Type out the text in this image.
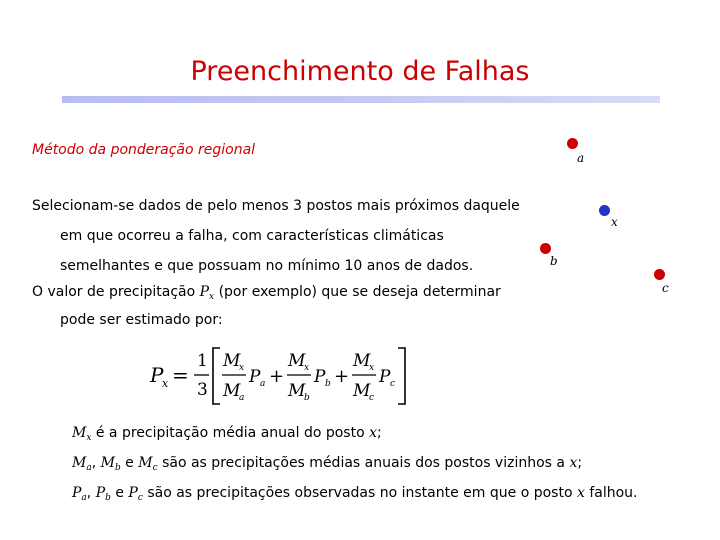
Preenchimento de Falhas
Método da ponderação regional
Selecionam-se dados de pelo menos 3 postos mais próximos daquele
em que ocorreu a falha, com características climáticas
semelhantes e que possuam no mínimo 10 anos de dados.
O valor de precipitação $P_x$ (por exemplo) que se deseja determinar
pode ser estimado por:
a
x
b
c
P
x =
1
3
M
x
M
a
P a +
M
x
M
b
P b +
M
x
M
c
P c
$M_x$ é a precipitação média anual do posto x;
$M_a$, $M_b$ e $M_c$ são as precipitações médias anuais dos postos vizinhos a x;
$P_a$, $P_b$ e $P_c$ são as precipitações observadas no instante em que o posto x falhou.
